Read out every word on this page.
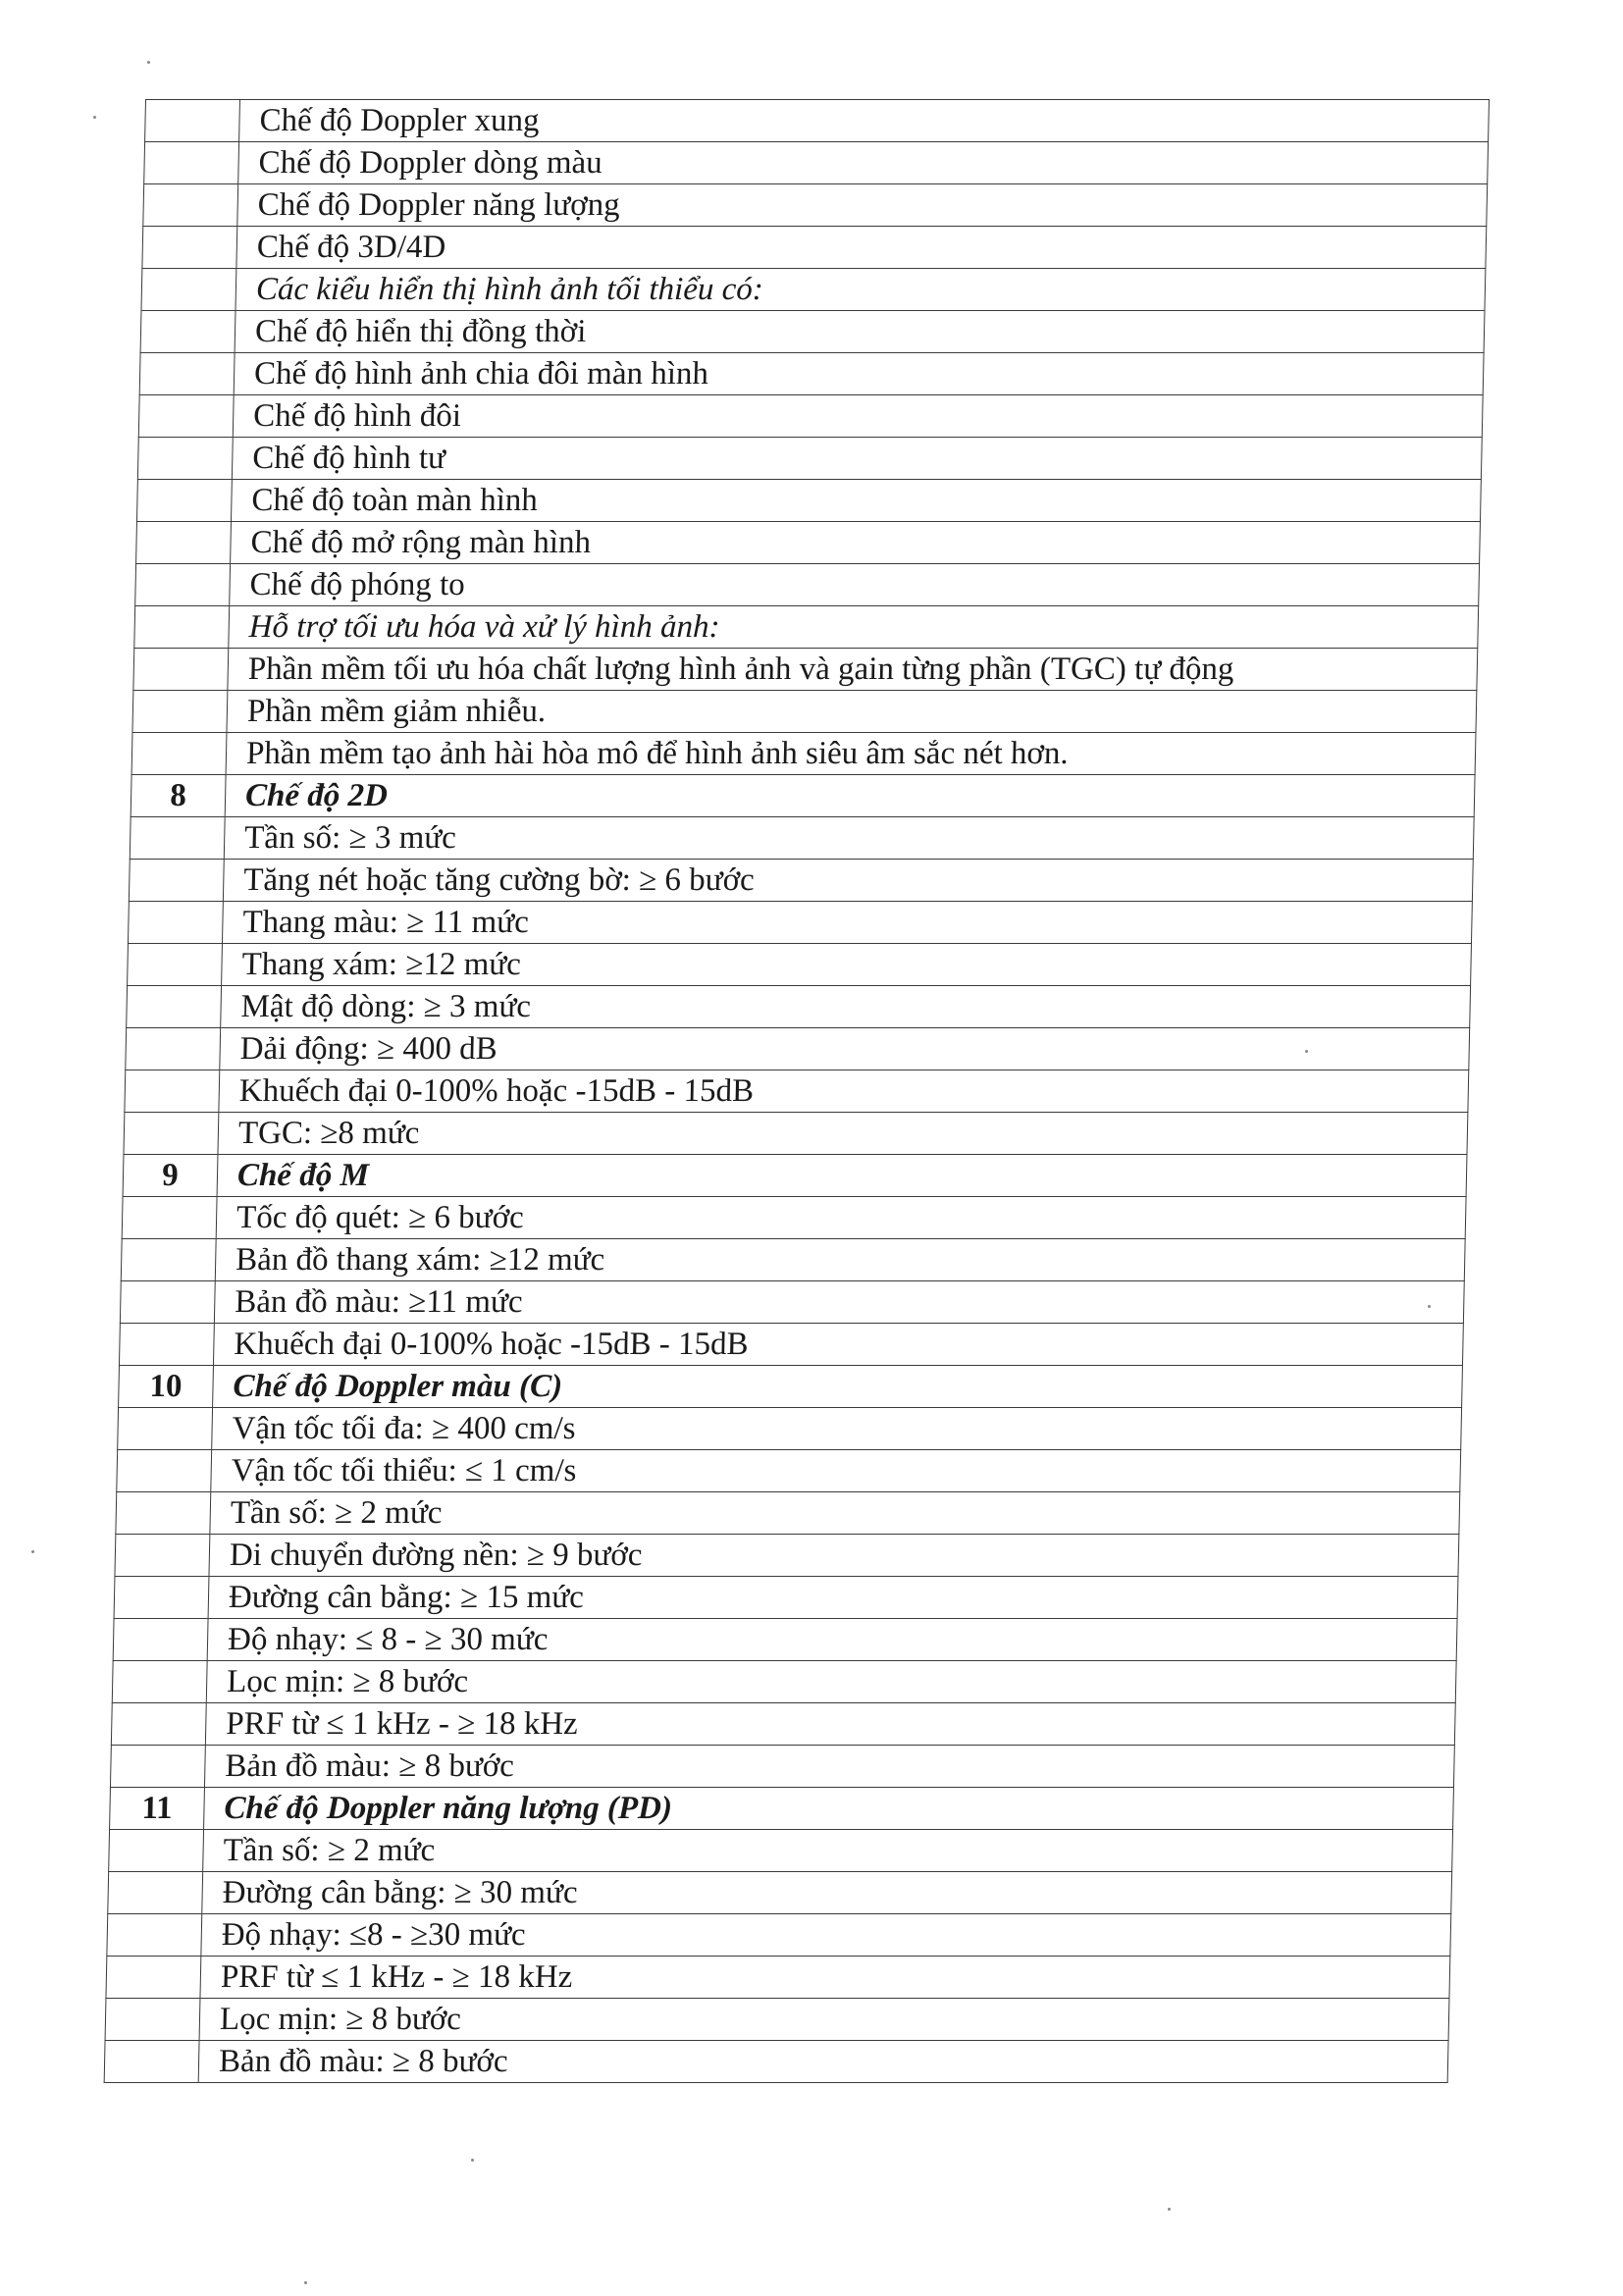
	Chế độ Doppler xung
	Chế độ Doppler dòng màu
	Chế độ Doppler năng lượng
	Chế độ 3D/4D
	Các kiểu hiển thị hình ảnh tối thiểu có:
	Chế độ hiển thị đồng thời
	Chế độ hình ảnh chia đôi màn hình
	Chế độ hình đôi
	Chế độ hình tư
	Chế độ toàn màn hình
	Chế độ mở rộng màn hình
	Chế độ phóng to
	Hỗ trợ tối ưu hóa và xử lý hình ảnh:
	Phần mềm tối ưu hóa chất lượng hình ảnh và gain từng phần (TGC) tự động
	Phần mềm giảm nhiễu.
	Phần mềm tạo ảnh hài hòa mô để hình ảnh siêu âm sắc nét hơn.
8	Chế độ 2D
	Tần số: ≥ 3 mức
	Tăng nét hoặc tăng cường bờ: ≥ 6 bước
	Thang màu: ≥ 11 mức
	Thang xám: ≥12 mức
	Mật độ dòng: ≥ 3 mức
	Dải động: ≥ 400 dB
	Khuếch đại 0-100% hoặc -15dB - 15dB
	TGC: ≥8 mức
9	Chế độ M
	Tốc độ quét: ≥ 6 bước
	Bản đồ thang xám: ≥12 mức
	Bản đồ màu: ≥11 mức
	Khuếch đại 0-100% hoặc -15dB - 15dB
10	Chế độ Doppler màu (C)
	Vận tốc tối đa: ≥ 400 cm/s
	Vận tốc tối thiểu: ≤ 1 cm/s
	Tần số: ≥ 2 mức
	Di chuyển đường nền: ≥ 9 bước
	Đường cân bằng: ≥ 15 mức
	Độ nhạy: ≤ 8 - ≥ 30 mức
	Lọc mịn: ≥ 8 bước
	PRF từ ≤ 1 kHz - ≥ 18 kHz
	Bản đồ màu: ≥ 8 bước
11	Chế độ Doppler năng lượng (PD)
	Tần số: ≥ 2 mức
	Đường cân bằng: ≥ 30 mức
	Độ nhạy: ≤8 - ≥30 mức
	PRF từ ≤ 1 kHz - ≥ 18 kHz
	Lọc mịn: ≥ 8 bước
	Bản đồ màu: ≥ 8 bước
